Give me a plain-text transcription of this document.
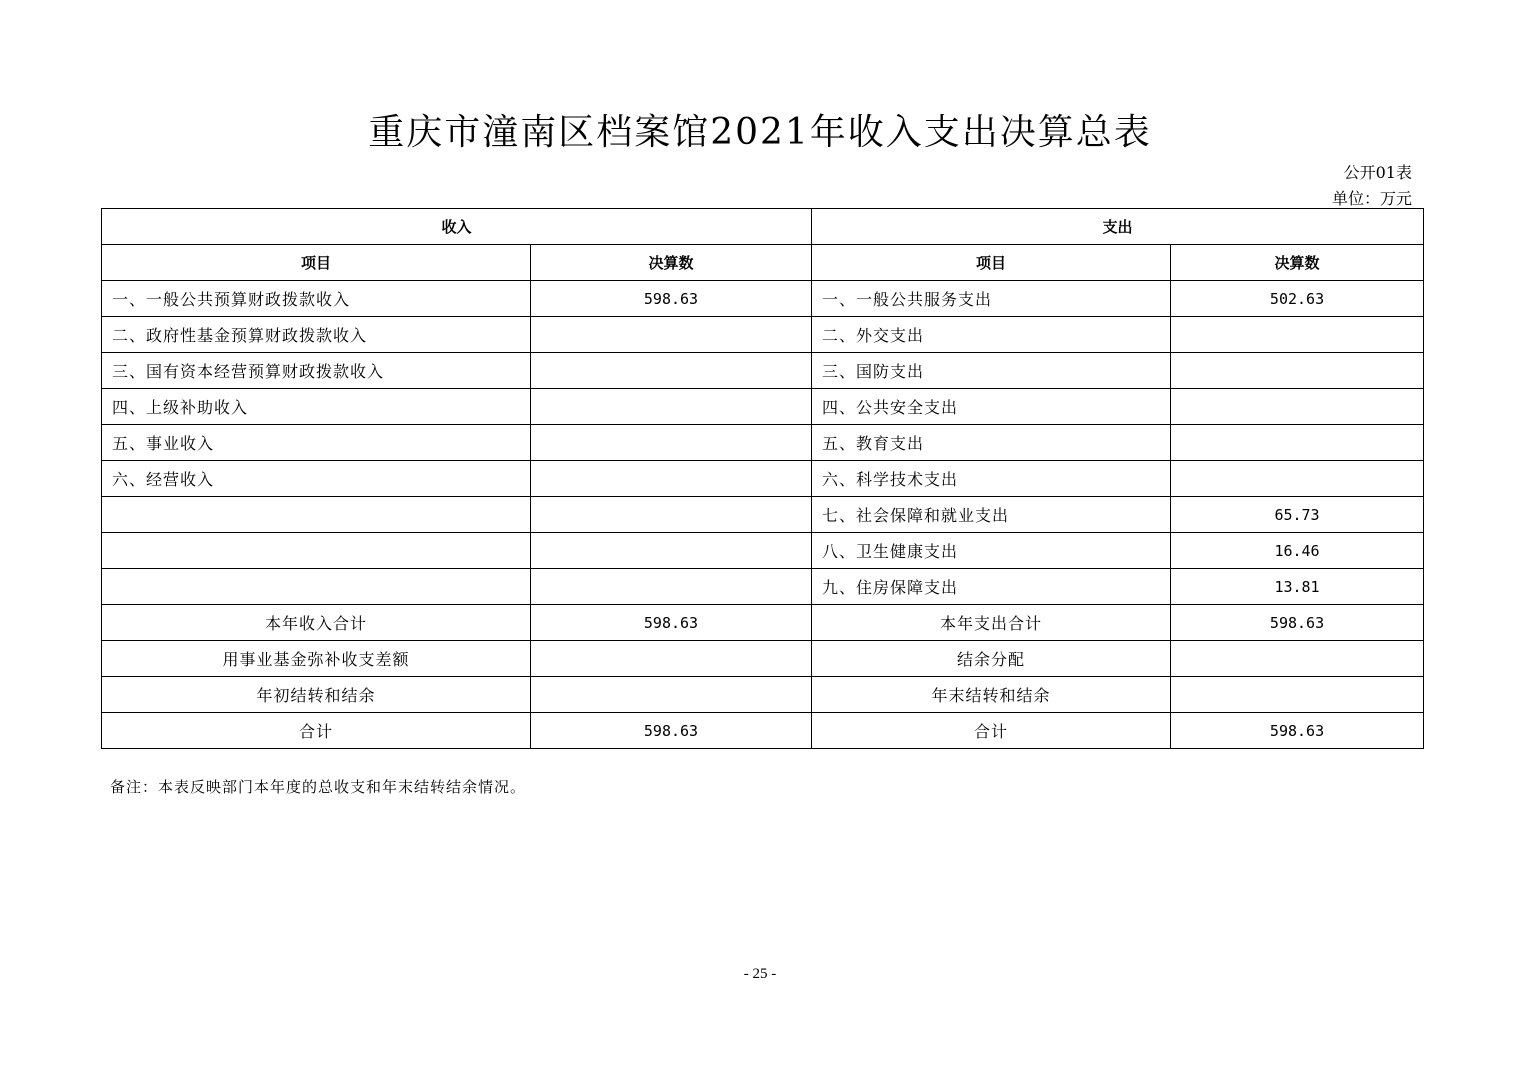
重庆市潼南区档案馆2021年收入支出决算总表
公开01表
单位：万元
收入		支出	
项目	决算数	项目	决算数
一、一般公共预算财政拨款收入	598.63	一、一般公共服务支出	502.63
二、政府性基金预算财政拨款收入		二、外交支出	
三、国有资本经营预算财政拨款收入		三、国防支出	
四、上级补助收入		四、公共安全支出	
五、事业收入		五、教育支出	
六、经营收入		六、科学技术支出	
		七、社会保障和就业支出	65.73
		八、卫生健康支出	16.46
		九、住房保障支出	13.81
本年收入合计	598.63	本年支出合计	598.63
用事业基金弥补收支差额		结余分配	
年初结转和结余		年末结转和结余	
合计	598.63	合计	598.63
备注：本表反映部门本年度的总收支和年末结转结余情况。
- 25 -
